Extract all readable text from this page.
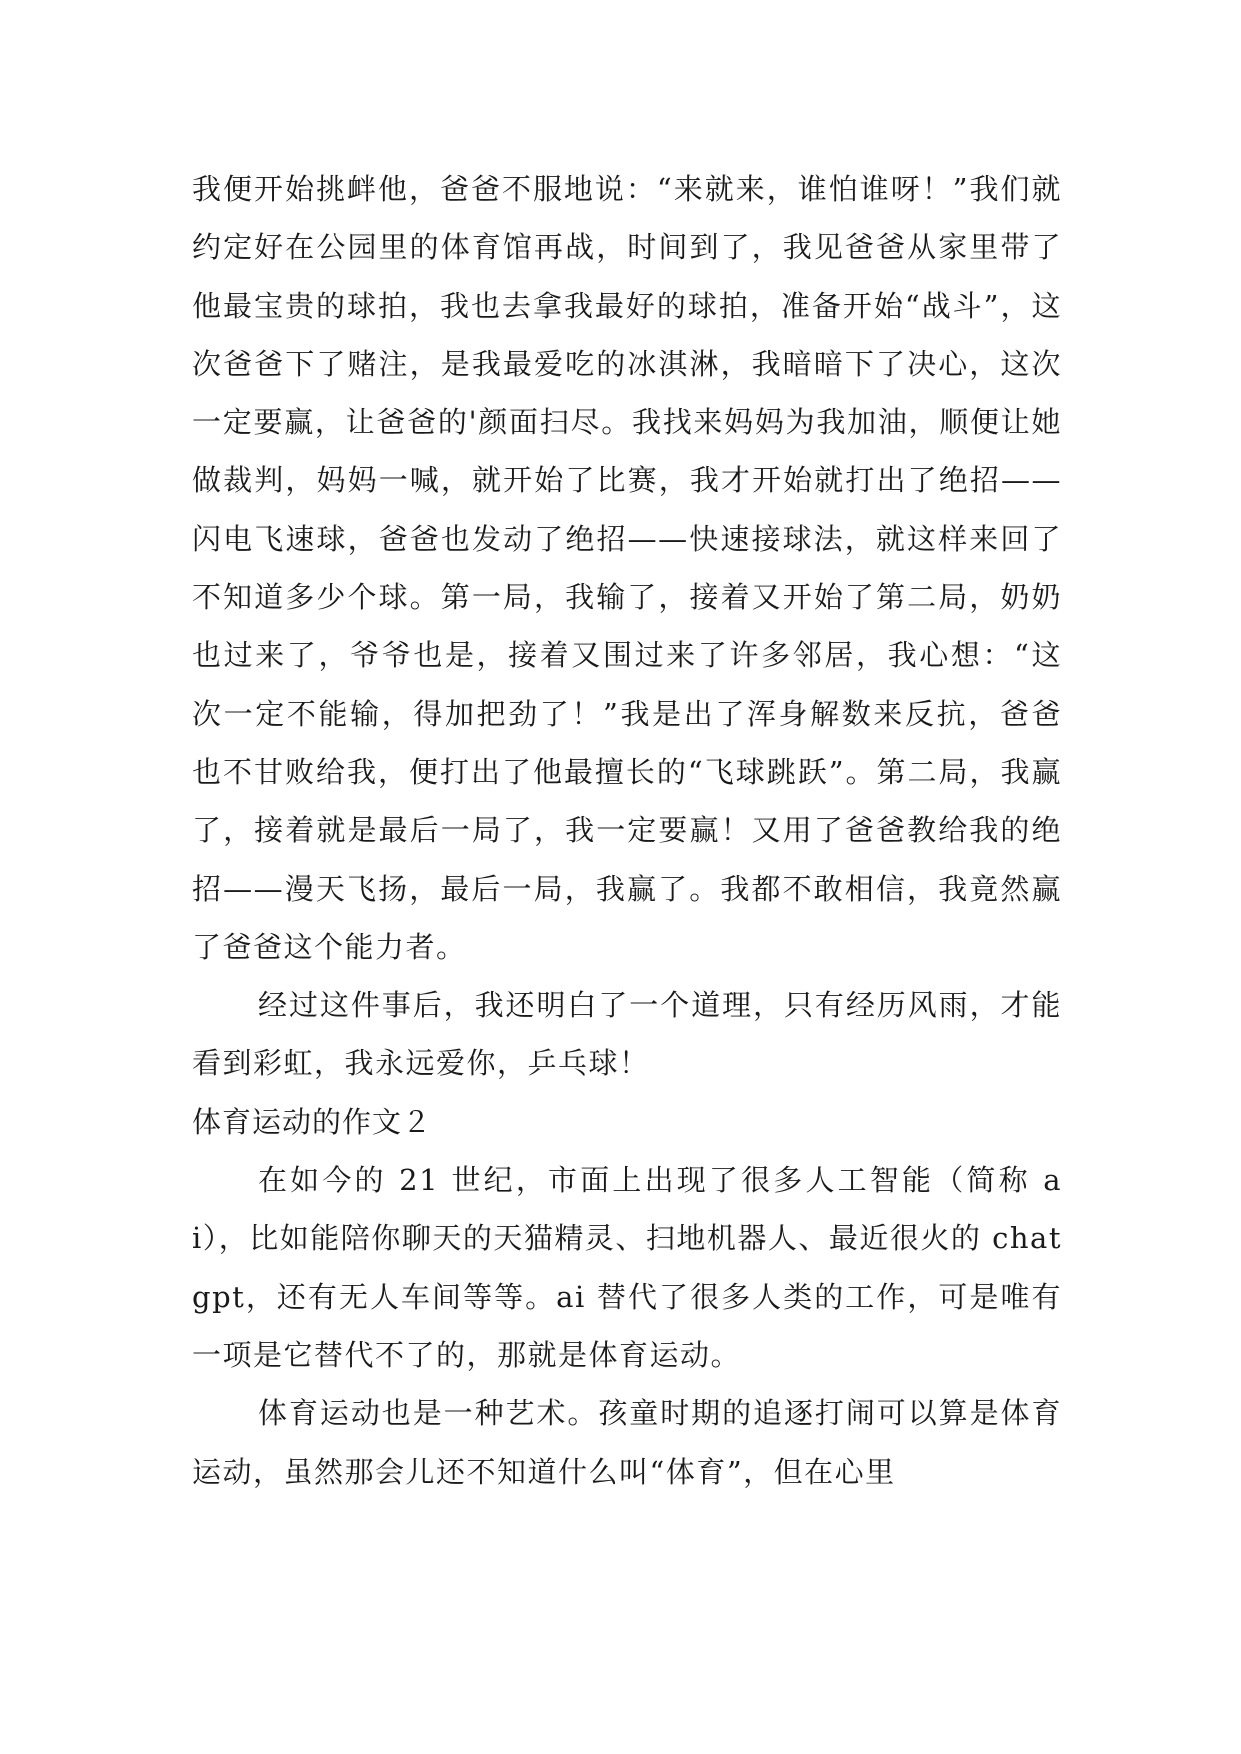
我便开始挑衅他，爸爸不服地说：“来就来，谁怕谁呀！”我们就约定好在公园里的体育馆再战，时间到了，我见爸爸从家里带了他最宝贵的球拍，我也去拿我最好的球拍，准备开始“战斗”，这次爸爸下了赌注，是我最爱吃的冰淇淋，我暗暗下了决心，这次一定要赢，让爸爸的'颜面扫尽。我找来妈妈为我加油，顺便让她做裁判，妈妈一喊，就开始了比赛，我才开始就打出了绝招——闪电飞速球，爸爸也发动了绝招——快速接球法，就这样来回了不知道多少个球。第一局，我输了，接着又开始了第二局，奶奶也过来了，爷爷也是，接着又围过来了许多邻居，我心想：“这次一定不能输，得加把劲了！”我是出了浑身解数来反抗，爸爸也不甘败给我，便打出了他最擅长的“飞球跳跃”。第二局，我赢了，接着就是最后一局了，我一定要赢！又用了爸爸教给我的绝招——漫天飞扬，最后一局，我赢了。我都不敢相信，我竟然赢了爸爸这个能力者。

经过这件事后，我还明白了一个道理，只有经历风雨，才能看到彩虹，我永远爱你，乒乓球！

体育运动的作文２

在如今的 21 世纪，市面上出现了很多人工智能（简称 ai），比如能陪你聊天的天猫精灵、扫地机器人、最近很火的 chat gpt，还有无人车间等等。ai 替代了很多人类的工作，可是唯有一项是它替代不了的，那就是体育运动。

体育运动也是一种艺术。孩童时期的追逐打闹可以算是体育运动，虽然那会儿还不知道什么叫“体育”，但在心里
